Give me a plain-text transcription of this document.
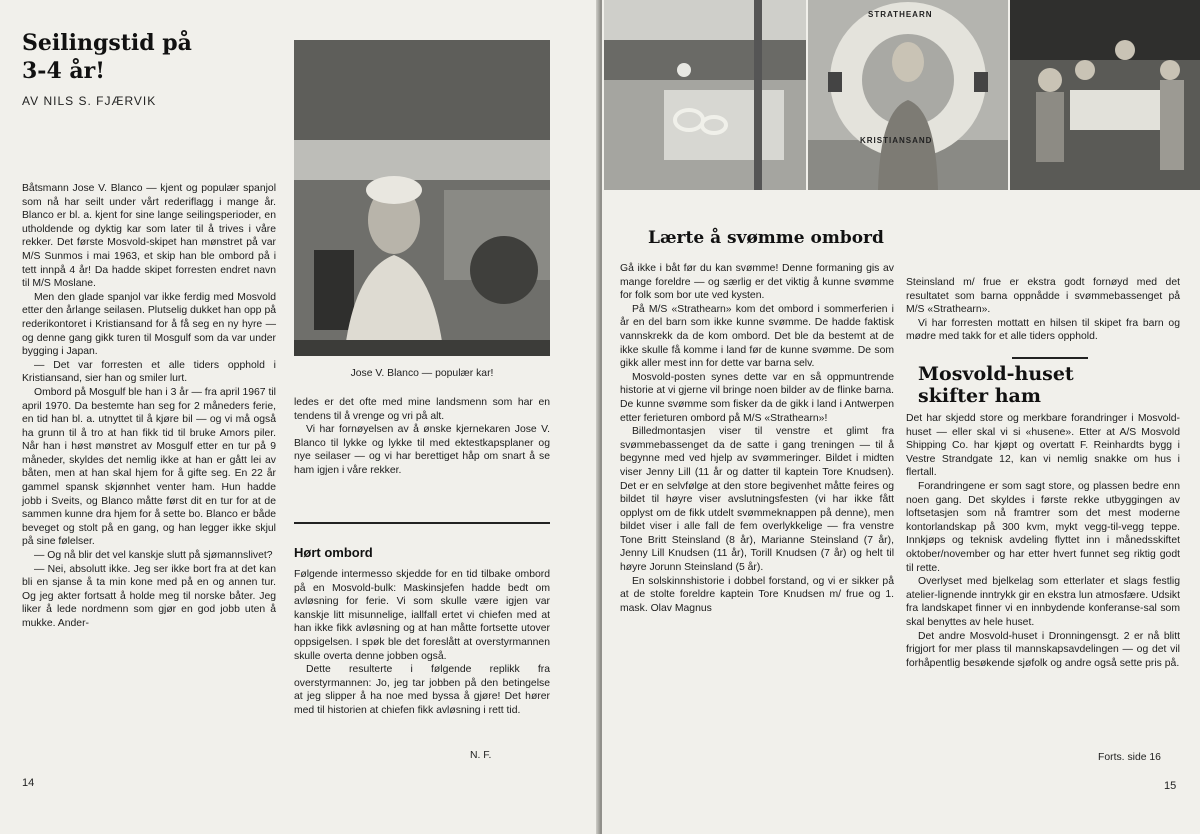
Seilingstid på
3-4 år!
AV NILS S. FJÆRVIK
Jose V. Blanco — populær kar!

Båtsmann Jose V. Blanco — kjent og populær spanjol som nå har seilt under vårt rederiflagg i mange år. Blanco er bl. a. kjent for sine lange seilingsperioder, en utholdende og dyktig kar som later til å trives i våre rekker. Det første Mosvold-skipet han mønstret på var M/S Sunmos i mai 1963, et skip han ble ombord på i tett innpå 4 år! Da hadde skipet forresten endret navn til M/S Moslane.

Men den glade spanjol var ikke ferdig med Mosvold etter den årlange seilasen. Plutselig dukket han opp på rederikontoret i Kristiansand for å få seg en ny hyre — og denne gang gikk turen til Mosgulf som da var under bygging i Japan.

— Det var forresten et alle tiders opphold i Kristiansand, sier han og smiler lurt.

Ombord på Mosgulf ble han i 3 år — fra april 1967 til april 1970. Da bestemte han seg for 2 måneders ferie, en tid han bl. a. utnyttet til å kjøre bil — og vi må også ha grunn til å tro at han fikk tid til bruke Amors piler. Når han i høst mønstret av Mosgulf etter en tur på 9 måneder, skyldes det nemlig ikke at han er gått lei av båten, men at han skal hjem for å gifte seg. En 22 år gammel spansk skjønnhet venter ham. Hun hadde jobb i Sveits, og Blanco måtte først dit en tur for at de sammen kunne dra hjem for å sette bo. Blanco er både beveget og stolt på en gang, og han legger ikke skjul på sine følelser.

— Og nå blir det vel kanskje slutt på sjømannslivet?

— Nei, absolutt ikke. Jeg ser ikke bort fra at det kan bli en sjanse å ta min kone med på en og annen tur. Og jeg akter fortsatt å holde meg til norske båter. Jeg liker å lede nordmenn som gjør en god jobb uten å mukke. Ander-

ledes er det ofte med mine landsmenn som har en tendens til å vrenge og vri på alt.

Vi har fornøyelsen av å ønske kjernekaren Jose V. Blanco til lykke og lykke til med ektestkapsplaner og nye seilaser — og vi har berettiget håp om snart å se ham igjen i våre rekker.

Hørt ombord

Følgende intermesso skjedde for en tid tilbake ombord på en Mosvold-bulk: Maskinsjefen hadde bedt om avløsning for ferie. Vi som skulle være igjen var kanskje litt misunnelige, iallfall ertet vi chiefen med at han ikke fikk avløsning og at han måtte fortsette utover oppsigelsen. I spøk ble det foreslått at overstyrmannen skulle overta denne jobben også.

Dette resulterte i følgende replikk fra overstyrmannen: Jo, jeg tar jobben på den betingelse at jeg slipper å ha noe med byssa å gjøre! Det hører med til historien at chiefen fikk avløsning i rett tid.

N. F.
14
STRATHEARN
KRISTIANSAND
Lærte å svømme ombord

Gå ikke i båt før du kan svømme! Denne formaning gis av mange foreldre — og særlig er det viktig å kunne svømme for folk som bor ute ved kysten.

På M/S «Strathearn» kom det ombord i sommerferien i år en del barn som ikke kunne svømme. De hadde faktisk vannskrekk da de kom ombord. Det ble da bestemt at de ikke skulle få komme i land før de kunne svømme. De som gikk aller mest inn for dette var barna selv.

Mosvold-posten synes dette var en så oppmuntrende historie at vi gjerne vil bringe noen bilder av de flinke barna. De kunne svømme som fisker da de gikk i land i Antwerpen etter ferieturen ombord på M/S «Strathearn»!

Billedmontasjen viser til venstre et glimt fra svømmebassenget da de satte i gang treningen — til å begynne med ved hjelp av svømmeringer. Bildet i midten viser Jenny Lill (11 år og datter til kaptein Tore Knudsen). Det er en selvfølge at den store begivenhet måtte feires og bildet til høyre viser avslutningsfesten (vi har ikke fått opplyst om de fikk utdelt svømmeknappen på denne), men bildet viser i alle fall de fem overlykkelige — fra venstre Tone Britt Steinsland (8 år), Marianne Steinsland (7 år), Jenny Lill Knudsen (11 år), Torill Knudsen (7 år) og helt til høyre Jorunn Steinsland (5 år).

En solskinnshistorie i dobbel forstand, og vi er sikker på at de stolte foreldre kaptein Tore Knudsen m/ frue og 1. mask. Olav Magnus

Steinsland m/ frue er ekstra godt fornøyd med det resultatet som barna oppnådde i svømmebassenget på M/S «Strathearn».

Vi har forresten mottatt en hilsen til skipet fra barn og mødre med takk for et alle tiders opphold.

Mosvold-huset
skifter ham

Det har skjedd store og merkbare forandringer i Mosvold-huset — eller skal vi si «husene». Etter at A/S Mosvold Shipping Co. har kjøpt og overtatt F. Reinhardts bygg i Vestre Strandgate 12, kan vi nemlig snakke om hus i flertall.

Forandringene er som sagt store, og plassen bedre enn noen gang. Det skyldes i første rekke utbyggingen av loftsetasjen som nå framtrer som det mest moderne kontorlandskap på 300 kvm, mykt vegg-til-vegg teppe. Innkjøps og teknisk avdeling flyttet inn i månedsskiftet oktober/november og har etter hvert funnet seg riktig godt til rette.

Overlyset med bjelkelag som etterlater et slags festlig atelier-lignende inntrykk gir en ekstra lun atmosfære. Udsikt fra landskapet finner vi en innbydende konferanse-sal som skal benyttes av hele huset.

Det andre Mosvold-huset i Dronningensgt. 2 er nå blitt frigjort for mer plass til mannskapsavdelingen — og det vil forhåpentlig besøkende sjøfolk og andre også sette pris på.

Forts. side 16
15
